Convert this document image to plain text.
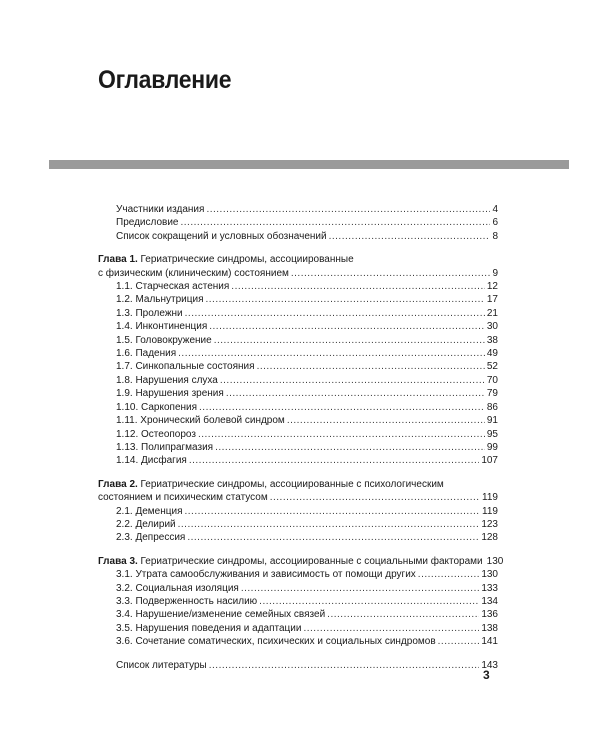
Оглавление
Участники издания .....	4
Предисловие .....	6
Список сокращений и условных обозначений .....	8
Глава 1. Гериатрические синдромы, ассоциированные
с физическим (клиническим) состоянием .....	9
1.1. Старческая астения .....	12
1.2. Мальнутриция .....	17
1.3. Пролежни .....	21
1.4. Инконтиненция .....	30
1.5. Головокружение .....	38
1.6. Падения .....	49
1.7. Синкопальные состояния .....	52
1.8. Нарушения слуха .....	70
1.9. Нарушения зрения .....	79
1.10. Саркопения .....	86
1.11. Хронический болевой синдром .....	91
1.12. Остеопороз .....	95
1.13. Полипрагмазия .....	99
1.14. Дисфагия .....	107
Глава 2. Гериатрические синдромы, ассоциированные с психологическим
состоянием и психическим статусом .....	119
2.1. Деменция .....	119
2.2. Делирий .....	123
2.3. Депрессия .....	128
Глава 3. Гериатрические синдромы, ассоциированные с социальными факторами 130
3.1. Утрата самообслуживания и зависимость от помощи других .....	130
3.2. Социальная изоляция .....	133
3.3. Подверженность насилию .....	134
3.4. Нарушение/изменение семейных связей .....	136
3.5. Нарушения поведения и адаптации .....	138
3.6. Сочетание соматических, психических и социальных синдромов .....	141
Список литературы .....	143
3
